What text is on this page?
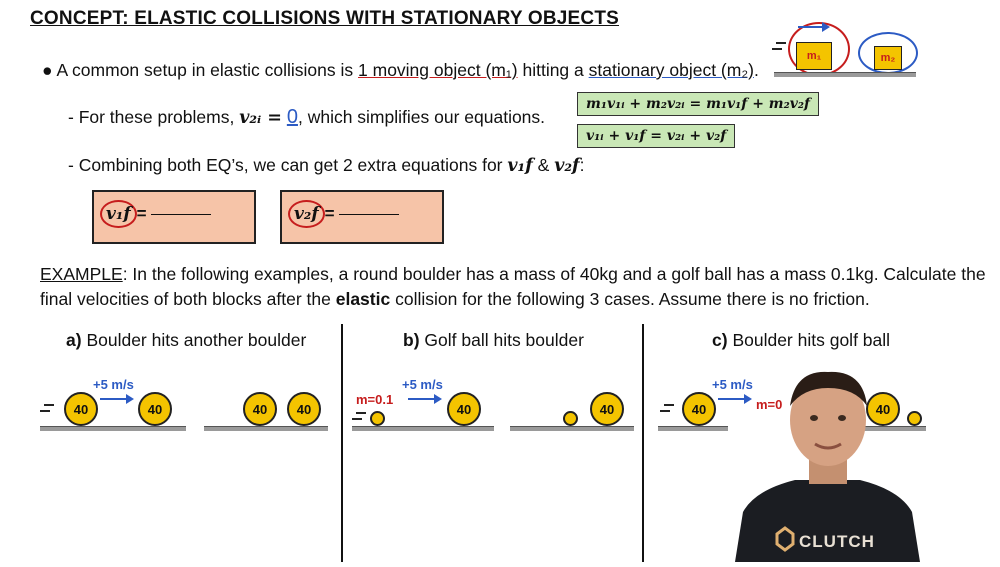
CONCEPT: ELASTIC COLLISIONS WITH STATIONARY OBJECTS
● A common setup in elastic collisions is 1 moving object (m₁) hitting a stationary object (m₂).
- For these problems, v₂ᵢ = 0, which simplifies our equations.
- Combining both EQ’s, we can get 2 extra equations for v₁f & v₂f:
m₁v₁ᵢ + m₂v₂ᵢ = m₁v₁f + m₂v₂f
v₁ᵢ + v₁f = v₂ᵢ + v₂f
v₁f =	v₂f =
m₁	m₂
EXAMPLE: In the following examples, a round boulder has a mass of 40kg and a golf ball has a mass 0.1kg. Calculate the
final velocities of both blocks after the elastic collision for the following 3 cases. Assume there is no friction.
a) Boulder hits another boulder
+5 m/s
40	40	40	40
b) Golf ball hits boulder
m=0.1
+5 m/s
40	40
c) Boulder hits golf ball
+5 m/s
m=0
40	40
CLUTCH
